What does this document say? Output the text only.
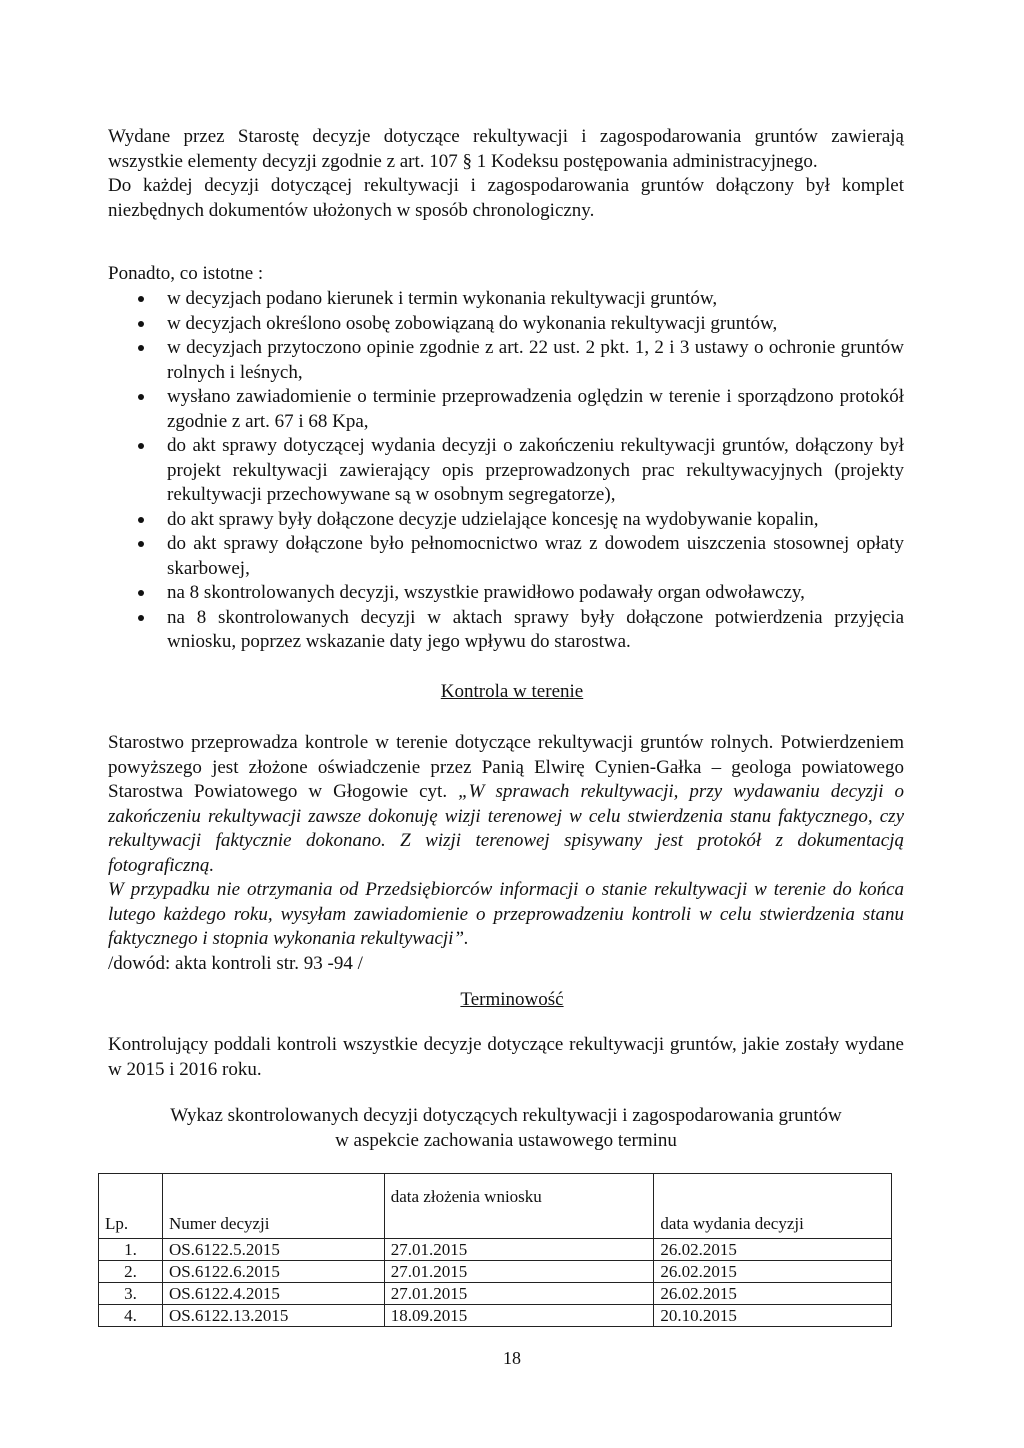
Wydane przez Starostę decyzje dotyczące rekultywacji i zagospodarowania gruntów zawierają wszystkie elementy decyzji zgodnie z art. 107 § 1 Kodeksu postępowania administracyjnego.

Do każdej decyzji dotyczącej rekultywacji i zagospodarowania gruntów dołączony był komplet niezbędnych dokumentów ułożonych w sposób chronologiczny.

Ponadto, co istotne :
w decyzjach podano kierunek i termin wykonania rekultywacji gruntów,
w decyzjach określono osobę zobowiązaną do wykonania rekultywacji gruntów,
w decyzjach przytoczono opinie zgodnie z art. 22 ust. 2 pkt. 1, 2 i 3 ustawy o ochronie gruntów rolnych i leśnych,
wysłano zawiadomienie o terminie przeprowadzenia oględzin w terenie i sporządzono protokół zgodnie z art. 67 i 68 Kpa,
do akt sprawy dotyczącej wydania decyzji o zakończeniu rekultywacji gruntów, dołączony był projekt rekultywacji zawierający opis przeprowadzonych prac rekultywacyjnych (projekty rekultywacji przechowywane są w osobnym segregatorze),
do akt sprawy były dołączone decyzje udzielające koncesję na wydobywanie kopalin,
do akt sprawy dołączone było pełnomocnictwo wraz z dowodem uiszczenia stosownej opłaty skarbowej,
na 8 skontrolowanych decyzji, wszystkie prawidłowo podawały organ odwoławczy,
na 8 skontrolowanych decyzji w aktach sprawy były dołączone potwierdzenia przyjęcia wniosku, poprzez wskazanie daty jego wpływu do starostwa.
Kontrola w terenie

Starostwo przeprowadza kontrole w terenie dotyczące rekultywacji gruntów rolnych. Potwierdzeniem powyższego jest złożone oświadczenie przez Panią Elwirę Cynien-Gałka – geologa powiatowego Starostwa Powiatowego w Głogowie cyt. „W sprawach rekultywacji, przy wydawaniu decyzji o zakończeniu rekultywacji zawsze dokonuję wizji terenowej w celu stwierdzenia stanu faktycznego, czy rekultywacji faktycznie dokonano. Z wizji terenowej spisywany jest protokół z dokumentacją fotograficzną.

W przypadku nie otrzymania od Przedsiębiorców informacji o stanie rekultywacji w terenie do końca lutego każdego roku, wysyłam zawiadomienie o przeprowadzeniu kontroli w celu stwierdzenia stanu faktycznego i stopnia wykonania rekultywacji”.

/dowód: akta kontroli str. 93 -94 /

Terminowość

Kontrolujący poddali kontroli wszystkie decyzje dotyczące rekultywacji gruntów, jakie zostały wydane w 2015 i 2016 roku.

Wykaz skontrolowanych decyzji dotyczących rekultywacji i zagospodarowania gruntów
w aspekcie zachowania ustawowego terminu
Lp.	Numer decyzji	data złożenia wniosku	data wydania decyzji
1.	OS.6122.5.2015	27.01.2015	26.02.2015
2.	OS.6122.6.2015	27.01.2015	26.02.2015
3.	OS.6122.4.2015	27.01.2015	26.02.2015
4.	OS.6122.13.2015	18.09.2015	20.10.2015
18
